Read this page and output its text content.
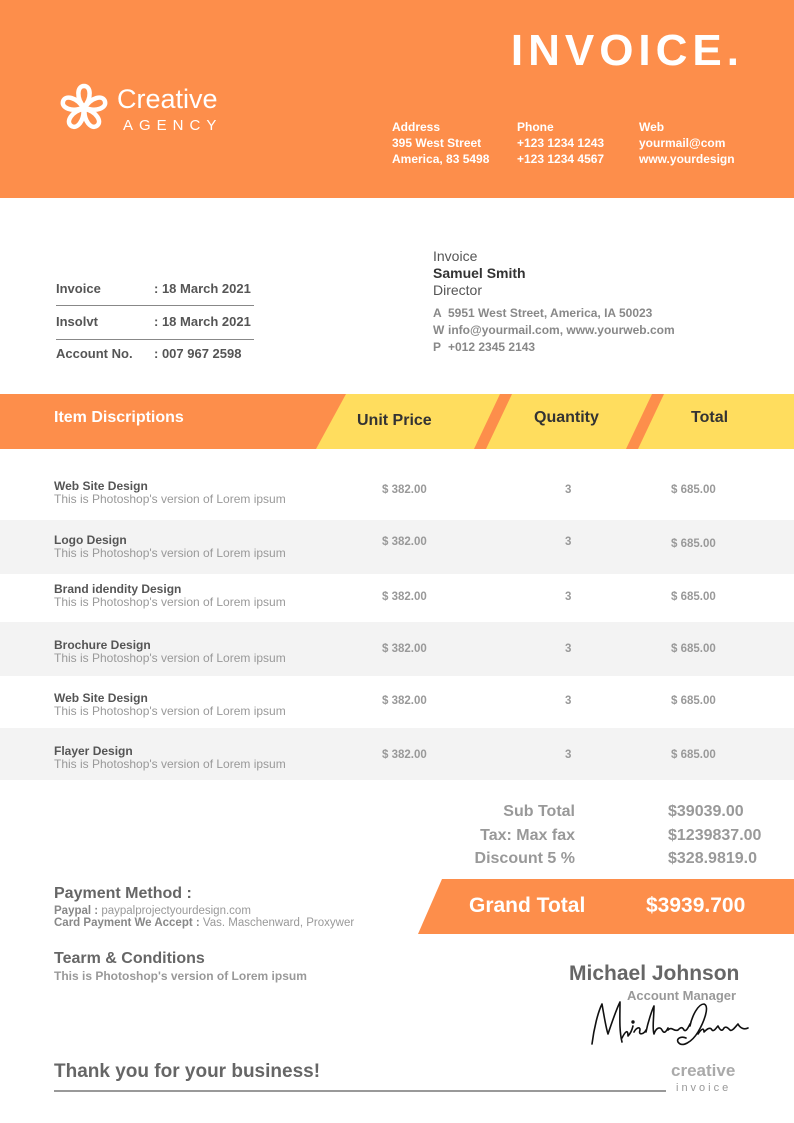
INVOICE.
Creative
AGENCY	Address
395 West Street
America, 83 5498
Phone
+123 1234 1243
+123 1234 4567
Web
yourmail@com
www.yourdesign
Invoice	: 18 March 2021
Insolvt	: 18 March 2021
Account No. : 007 967 2598
Invoice
Samuel Smith
Director
A 5951 West Street, America, IA 50023
W info@yourmail.com, www.yourweb.com
P +012 2345 2143
Item Discriptions	Unit Price	Quantity	Total
Web Site Design
This is Photoshop's version of Lorem ipsum
$ 382.00	3	$ 685.00
Logo Design
This is Photoshop's version of Lorem ipsum
$ 382.00	3	$ 685.00
Brand idendity Design
This is Photoshop's version of Lorem ipsum	$ 382.00	3	$ 685.00
Brochure Design
This is Photoshop's version of Lorem ipsum
$ 382.00	3	$ 685.00
Web Site Design
This is Photoshop's version of Lorem ipsum
$ 382.00	3	$ 685.00
Flayer Design
This is Photoshop's version of Lorem ipsum
$ 382.00	3	$ 685.00
Sub Total	$39039.00
Tax: Max fax	$1239837.00
Discount 5 %	$328.9819.0
Grand Total	$3939.700
Payment Method :
Paypal : paypalprojectyourdesign.com
Card Payment We Accept : Vas. Maschenward, Proxywer
Tearm & Conditions
This is Photoshop's version of Lorem ipsum	Michael Johnson
Account Manager
Thank you for your business!	creative
invoice
